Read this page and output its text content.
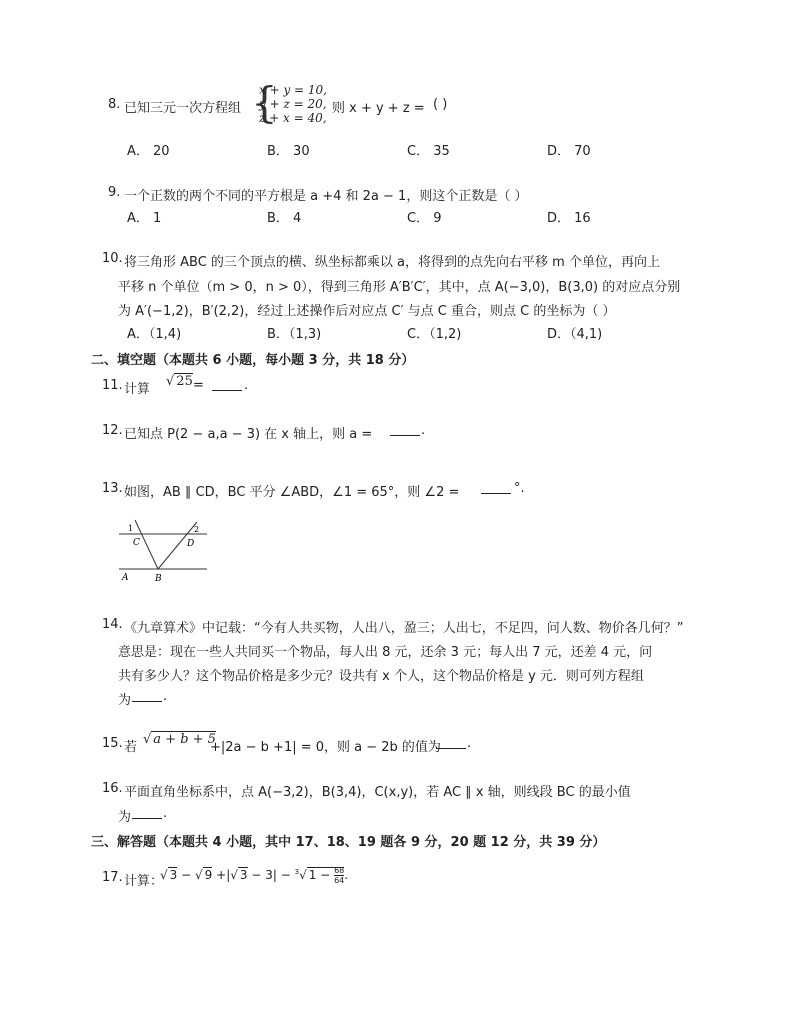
8. 已知三元一次方程组 {
x + y = 10,
y + z = 20,
z + x = 40,
则 x + y + z = ( )
A． 20	B． 30	C． 35	D． 70
9. 一个正数的两个不同的平方根是 a +4 和 2a − 1，则这个正数是（ ）
A． 1	B． 4	C． 9	D． 16
10. 将三角形 ABC 的三个顶点的横、纵坐标都乘以 a，将得到的点先向右平移 m 个单位，再向上
平移 n 个单位（m > 0，n > 0），得到三角形 A′B′C′，其中，点 A(−3,0)，B(3,0) 的对应点分别
为 A′(−1,2)，B′(2,2)，经过上述操作后对应点 C′ 与点 C 重合，则点 C 的坐标为（ ）
A．（1,4)	B．（1,3)	C．（1,2)	D．（4,1)
二、填空题（本题共 6 小题，每小题 3 分，共 18 分）
11. 计算
√ 25 =	.
12. 已知点 P(2 − a,a − 3) 在 x 轴上，则 a =	.
13. 如图，AB ∥ CD，BC 平分 ∠ABD，∠1 = 65°，则 ∠2 =	°.
1	2
C	D
A	B
14. 《九章算术》中记载：“今有人共买物，人出八，盈三；人出七，不足四，问人数、物价各几何？”
意思是：现在一些人共同买一个物品，每人出 8 元，还余 3 元；每人出 7 元，还差 4 元，问
共有多少人？这个物品价格是多少元？设共有 x 个人，这个物品价格是 y 元．则可列方程组
为 .
15. 若
√ a + b + 5
+|2a − b +1| = 0，则 a − 2b 的值为 .
16. 平面直角坐标系中，点 A(−3,2)，B(3,4)，C(x,y)，若 AC ∥ x 轴，则线段 BC 的最小值
为 .
三、解答题（本题共 4 小题，其中 17、18、19 题各 9 分，20 题 12 分，共 39 分）
17. 计算：
√ 3 − √ 9 +|√ 3 − 3| − $^3$√ $1 - \frac{68}{64}$ .
